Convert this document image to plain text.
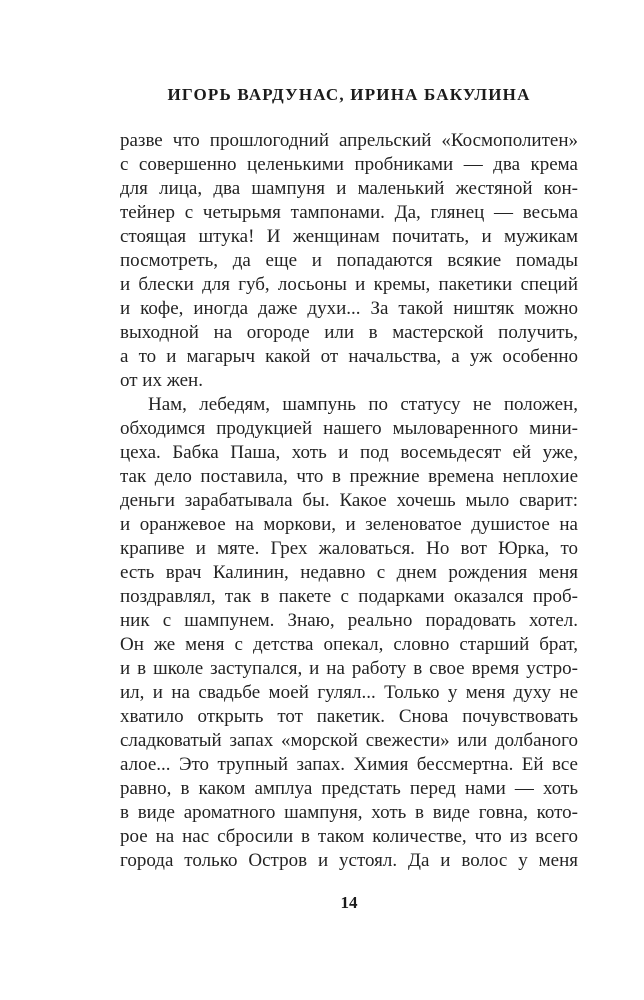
ИГОРЬ ВАРДУНАС, ИРИНА БАКУЛИНА
разве что прошлогодний апрельский «Космополитен»
с совершенно целенькими пробниками — два крема
для лица, два шампуня и маленький жестяной кон-
тейнер с четырьмя тампонами. Да, глянец — весьма
стоящая штука! И женщинам почитать, и мужикам
посмотреть, да еще и попадаются всякие помады
и блески для губ, лосьоны и кремы, пакетики специй
и кофе, иногда даже духи... За такой ништяк можно
выходной на огороде или в мастерской получить,
а то и магарыч какой от начальства, а уж особенно
от их жен.
Нам, лебедям, шампунь по статусу не положен,
обходимся продукцией нашего мыловаренного мини-
цеха. Бабка Паша, хоть и под восемьдесят ей уже,
так дело поставила, что в прежние времена неплохие
деньги зарабатывала бы. Какое хочешь мыло сварит:
и оранжевое на моркови, и зеленоватое душистое на
крапиве и мяте. Грех жаловаться. Но вот Юрка, то
есть врач Калинин, недавно с днем рождения меня
поздравлял, так в пакете с подарками оказался проб-
ник с шампунем. Знаю, реально порадовать хотел.
Он же меня с детства опекал, словно старший брат,
и в школе заступался, и на работу в свое время устро-
ил, и на свадьбе моей гулял... Только у меня духу не
хватило открыть тот пакетик. Снова почувствовать
сладковатый запах «морской свежести» или долбаного
алое... Это трупный запах. Химия бессмертна. Ей все
равно, в каком амплуа предстать перед нами — хоть
в виде ароматного шампуня, хоть в виде говна, кото-
рое на нас сбросили в таком количестве, что из всего
города только Остров и устоял. Да и волос у меня
14
